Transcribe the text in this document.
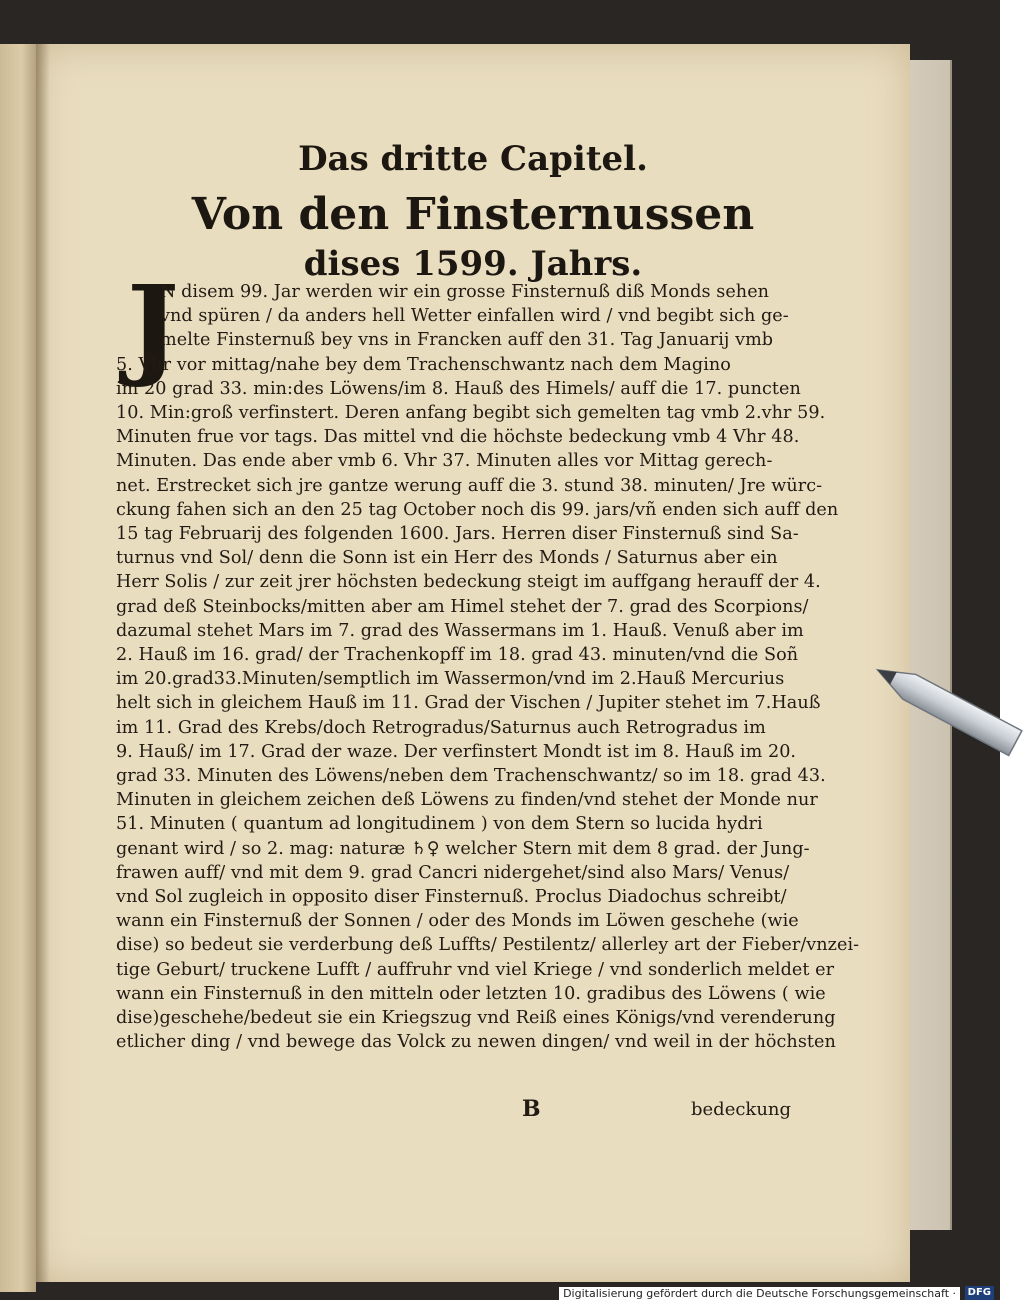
Das dritte Capitel.
Von den Finsternussen
dises 1599. Jahrs.
J
N disem 99. Jar werden wir ein grosse Finsternuß diß Monds sehen
vnd spüren / da anders hell Wetter einfallen wird / vnd begibt sich ge-
melte Finsternuß bey vns in Francken auff den 31. Tag Januarij vmb
5. Vhr vor mittag/nahe bey dem Trachenschwantz nach dem Magino
im 20 grad 33. min:des Löwens/im 8. Hauß des Himels/ auff die 17. puncten
10. Min:groß verfinstert. Deren anfang begibt sich gemelten tag vmb 2.vhr 59.
Minuten frue vor tags. Das mittel vnd die höchste bedeckung vmb 4 Vhr 48.
Minuten. Das ende aber vmb 6. Vhr 37. Minuten alles vor Mittag gerech-
net. Erstrecket sich jre gantze werung auff die 3. stund 38. minuten/ Jre würc-
ckung fahen sich an den 25 tag October noch dis 99. jars/vñ enden sich auff den
15 tag Februarij des folgenden 1600. Jars. Herren diser Finsternuß sind Sa-
turnus vnd Sol/ denn die Sonn ist ein Herr des Monds / Saturnus aber ein
Herr Solis / zur zeit jrer höchsten bedeckung steigt im auffgang herauff der 4.
grad deß Steinbocks/mitten aber am Himel stehet der 7. grad des Scorpions/
dazumal stehet Mars im 7. grad des Wassermans im 1. Hauß. Venuß aber im
2. Hauß im 16. grad/ der Trachenkopff im 18. grad 43. minuten/vnd die Soñ
im 20.grad33.Minuten/semptlich im Wassermon/vnd im 2.Hauß Mercurius
helt sich in gleichem Hauß im 11. Grad der Vischen / Jupiter stehet im 7.Hauß
im 11. Grad des Krebs/doch Retrogradus/Saturnus auch Retrogradus im
9. Hauß/ im 17. Grad der waze. Der verfinstert Mondt ist im 8. Hauß im 20.
grad 33. Minuten des Löwens/neben dem Trachenschwantz/ so im 18. grad 43.
Minuten in gleichem zeichen deß Löwens zu finden/vnd stehet der Monde nur
51. Minuten ( quantum ad longitudinem ) von dem Stern so lucida hydri
genant wird / so 2. mag: naturæ ♄♀ welcher Stern mit dem 8 grad. der Jung-
frawen auff/ vnd mit dem 9. grad Cancri nidergehet/sind also Mars/ Venus/
vnd Sol zugleich in opposito diser Finsternuß. Proclus Diadochus schreibt/
wann ein Finsternuß der Sonnen / oder des Monds im Löwen geschehe (wie
dise) so bedeut sie verderbung deß Luffts/ Pestilentz/ allerley art der Fieber/vnzei-
tige Geburt/ truckene Lufft / auffruhr vnd viel Kriege / vnd sonderlich meldet er
wann ein Finsternuß in den mitteln oder letzten 10. gradibus des Löwens ( wie
dise)geschehe/bedeut sie ein Kriegszug vnd Reiß eines Königs/vnd verenderung
etlicher ding / vnd bewege das Volck zu newen dingen/ vnd weil in der höchsten
B	bedeckung
Digitalisierung gefördert durch die Deutsche Forschungsgemeinschaft ·	DFG
